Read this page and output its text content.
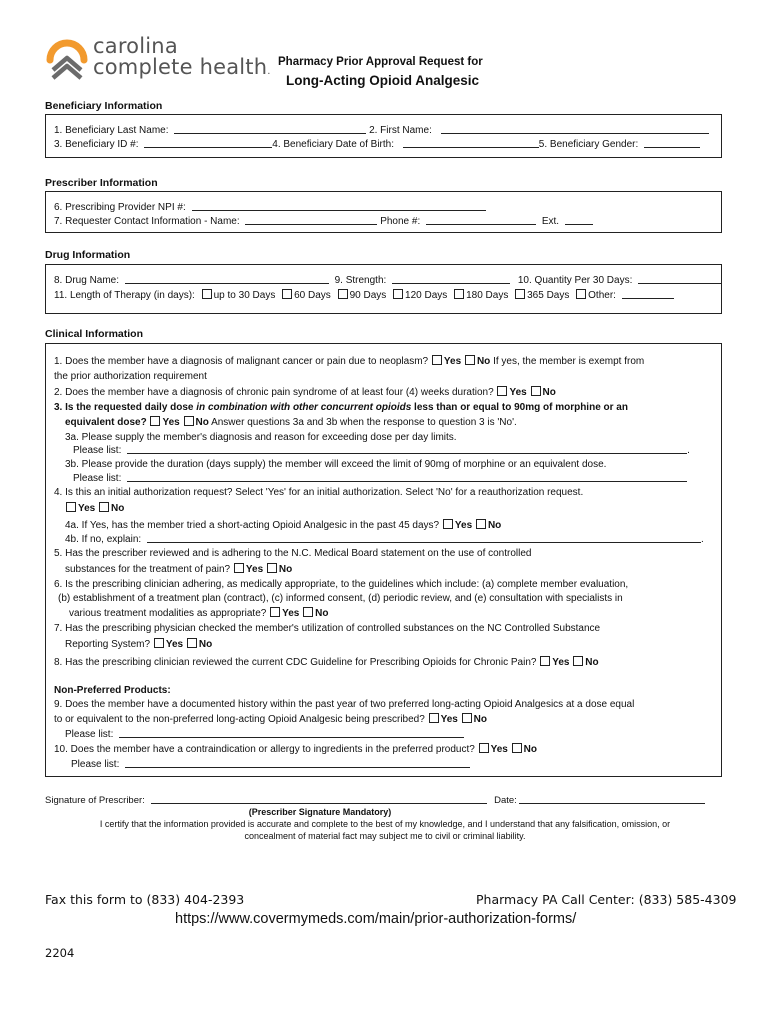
carolina
complete health.
Pharmacy Prior Approval Request for
Long-Acting Opioid Analgesic
Beneficiary Information
1. Beneficiary Last Name:	2. First Name:
3. Beneficiary ID #:	4. Beneficiary Date of Birth:	5. Beneficiary Gender:
Prescriber Information
6. Prescribing Provider NPI #:
7. Requester Contact Information - Name:	Phone #:	Ext.
Drug Information
8. Drug Name:	9. Strength:	10. Quantity Per 30 Days:
11. Length of Therapy (in days): up to 30 Days 60 Days 90 Days 120 Days 180 Days 365 Days Other:
Clinical Information
1. Does the member have a diagnosis of malignant cancer or pain due to neoplasm? Yes No If yes, the member is exempt from
the prior authorization requirement
2. Does the member have a diagnosis of chronic pain syndrome of at least four (4) weeks duration? Yes No
3. Is the requested daily dose in combination with other concurrent opioids less than or equal to 90mg of morphine or an
equivalent dose? Yes No Answer questions 3a and 3b when the response to question 3 is 'No'.
3a. Please supply the member's diagnosis and reason for exceeding dose per day limits.
Please list:	.
3b. Please provide the duration (days supply) the member will exceed the limit of 90mg of morphine or an equivalent dose.
Please list:
4. Is this an initial authorization request? Select 'Yes' for an initial authorization. Select 'No' for a reauthorization request.
Yes No
4a. If Yes, has the member tried a short-acting Opioid Analgesic in the past 45 days? Yes No
4b. If no, explain:	.
5. Has the prescriber reviewed and is adhering to the N.C. Medical Board statement on the use of controlled
substances for the treatment of pain? Yes No
6. Is the prescribing clinician adhering, as medically appropriate, to the guidelines which include: (a) complete member evaluation,
(b) establishment of a treatment plan (contract), (c) informed consent, (d) periodic review, and (e) consultation with specialists in
various treatment modalities as appropriate? Yes No
7. Has the prescribing physician checked the member's utilization of controlled substances on the NC Controlled Substance
Reporting System? Yes No
8. Has the prescribing clinician reviewed the current CDC Guideline for Prescribing Opioids for Chronic Pain? Yes No
Non-Preferred Products:
9. Does the member have a documented history within the past year of two preferred long-acting Opioid Analgesics at a dose equal
to or equivalent to the non-preferred long-acting Opioid Analgesic being prescribed? Yes No
Please list:
10. Does the member have a contraindication or allergy to ingredients in the preferred product? Yes No
Please list:
Signature of Prescriber:	Date:
(Prescriber Signature Mandatory)
I certify that the information provided is accurate and complete to the best of my knowledge, and I understand that any falsification, omission, or
concealment of material fact may subject me to civil or criminal liability.
Fax this form to (833) 404-2393	Pharmacy PA Call Center: (833) 585-4309
https://www.covermymeds.com/main/prior-authorization-forms/
2204
